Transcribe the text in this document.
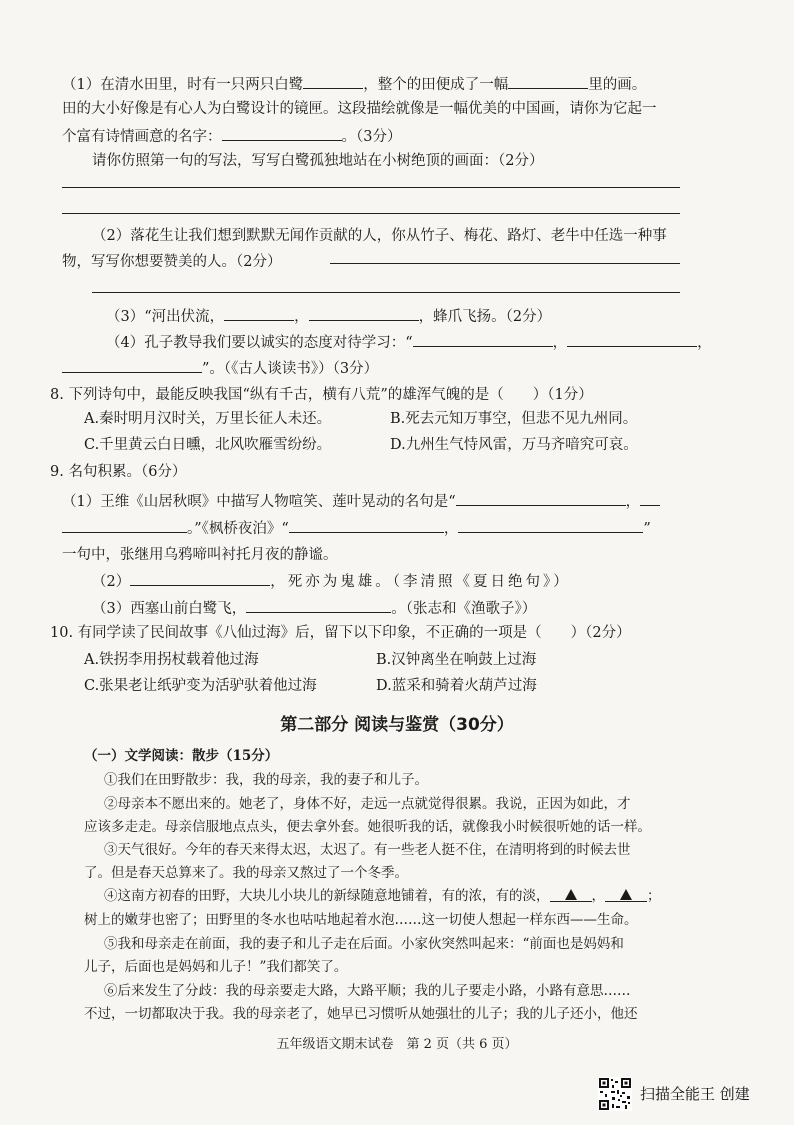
（1）在清水田里，时有一只两只白鹭	，整个的田便成了一幅	里的画。
田的大小好像是有心人为白鹭设计的镜匣。这段描绘就像是一幅优美的中国画，请你为它起一
个富有诗情画意的名字：	。（3分）
请你仿照第一句的写法，写写白鹭孤独地站在小树绝顶的画面：（2分）
（2）落花生让我们想到默默无闻作贡献的人，你从竹子、梅花、路灯、老牛中任选一种事
物，写写你想要赞美的人。（2分）
（3）“河出伏流，	，	，蜂爪飞扬。（2分）
（4）孔子教导我们要以诚实的态度对待学习：“	，	，
”。（《古人谈读书》）（3分）
8. 下列诗句中，最能反映我国“纵有千古，横有八荒”的雄浑气魄的是（　　）（1分）
A.秦时明月汉时关，万里长征人未还。	B.死去元知万事空，但悲不见九州同。
C.千里黄云白日曛，北风吹雁雪纷纷。	D.九州生气恃风雷，万马齐喑究可哀。
9. 名句积累。（6分）
（1）王维《山居秋暝》中描写人物喧笑、莲叶晃动的名句是“	，
。”《枫桥夜泊》“	，	”
一句中，张继用乌鸦啼叫衬托月夜的静谧。
（2）	，死亦为鬼雄。（李清照《夏日绝句》）
（3）西塞山前白鹭飞，	。（张志和《渔歌子》）
10. 有同学读了民间故事《八仙过海》后，留下以下印象，不正确的一项是（　　）（2分）
A.铁拐李用拐杖载着他过海	B.汉钟离坐在响鼓上过海
C.张果老让纸驴变为活驴驮着他过海	D.蓝采和骑着火葫芦过海
第二部分 阅读与鉴赏（30分）
（一）文学阅读：散步（15分）
①我们在田野散步：我，我的母亲，我的妻子和儿子。
②母亲本不愿出来的。她老了，身体不好，走远一点就觉得很累。我说，正因为如此，才
应该多走走。母亲信服地点点头，便去拿外套。她很听我的话，就像我小时候很听她的话一样。
③天气很好。今年的春天来得太迟，太迟了。有一些老人挺不住，在清明将到的时候去世
了。但是春天总算来了。我的母亲又熬过了一个冬季。
④这南方初春的田野，大块儿小块儿的新绿随意地铺着，有的浓，有的淡，	，	；
树上的嫩芽也密了；田野里的冬水也咕咕地起着水泡……这一切使人想起一样东西——生命。
⑤我和母亲走在前面，我的妻子和儿子走在后面。小家伙突然叫起来：“前面也是妈妈和
儿子，后面也是妈妈和儿子！”我们都笑了。
⑥后来发生了分歧：我的母亲要走大路，大路平顺；我的儿子要走小路，小路有意思……
不过，一切都取决于我。我的母亲老了，她早已习惯听从她强壮的儿子；我的儿子还小，他还
五年级语文期末试卷　第 2 页（共 6 页）
扫描全能王 创建
